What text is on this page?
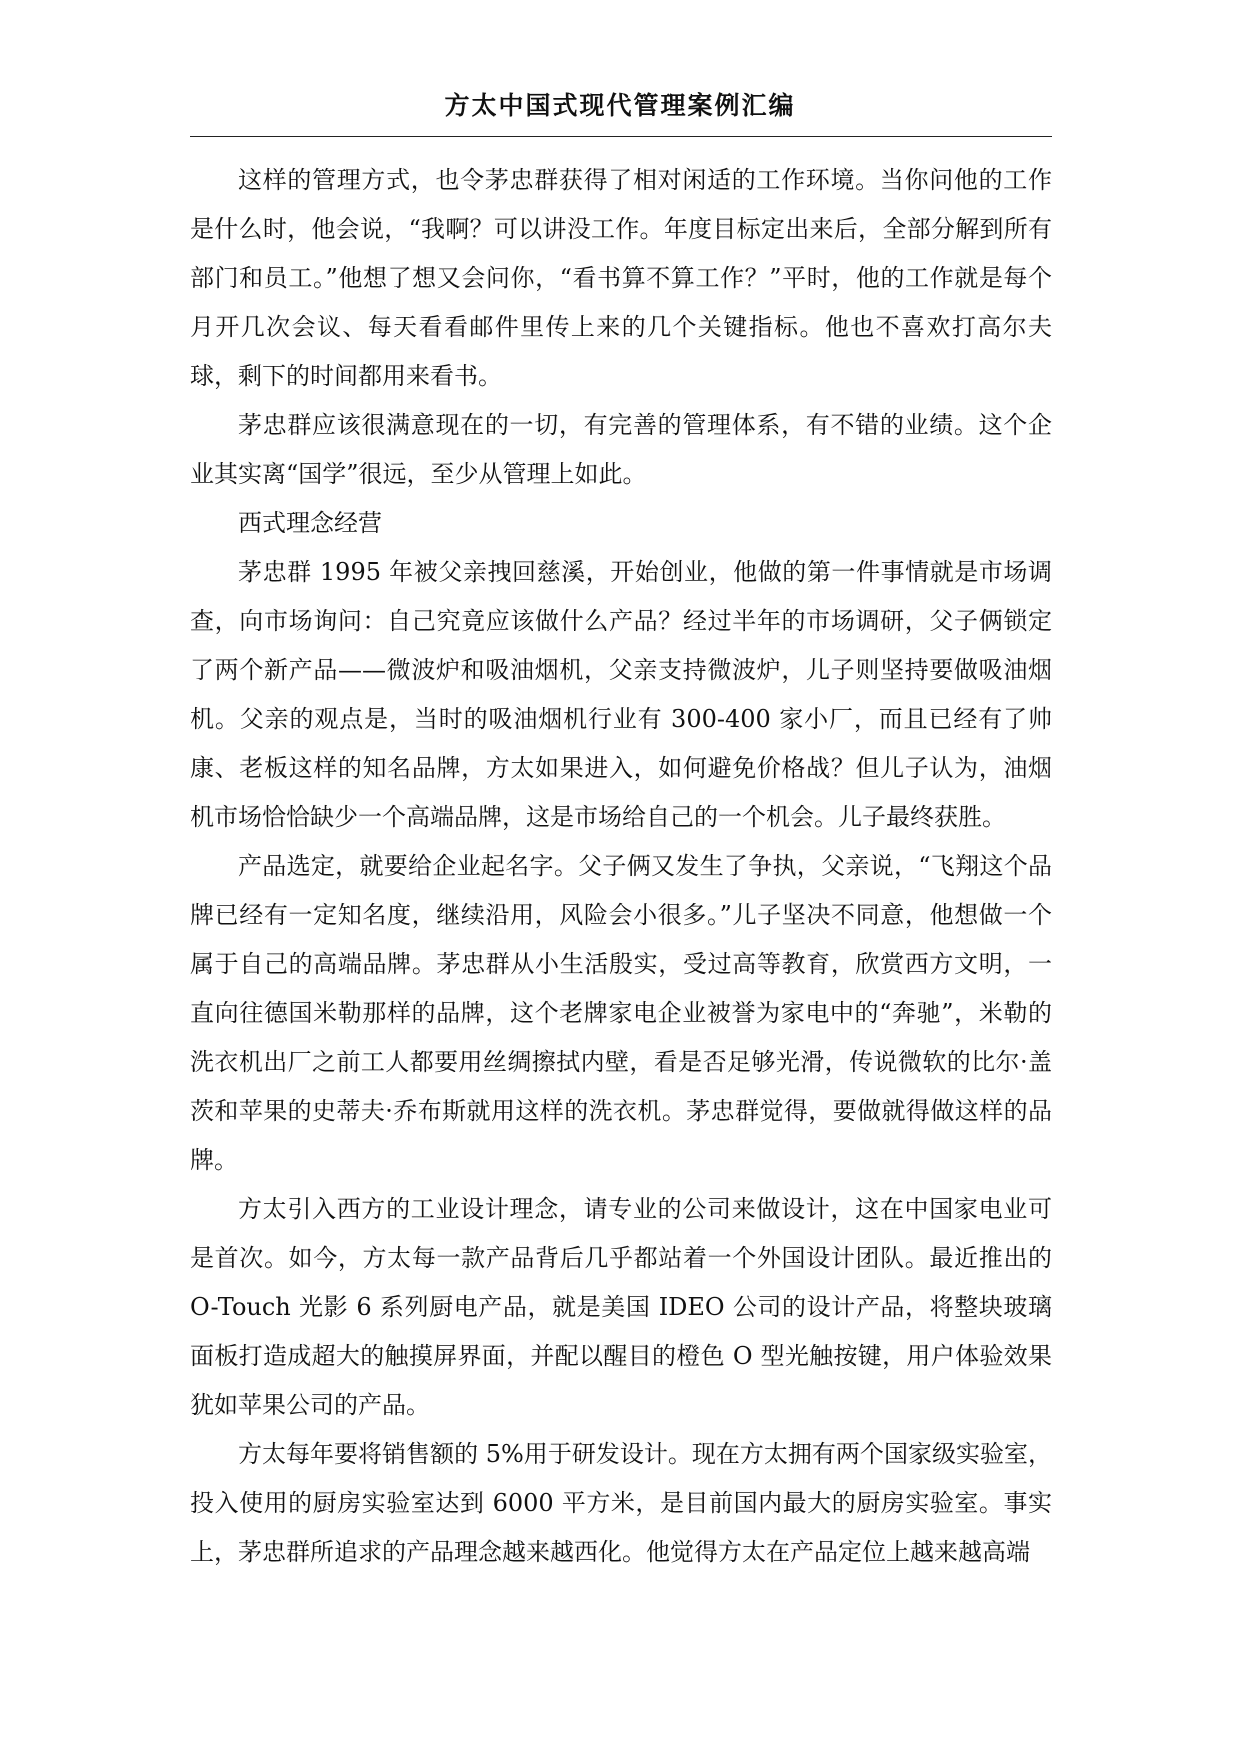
方太中国式现代管理案例汇编

这样的管理方式，也令茅忠群获得了相对闲适的工作环境。当你问他的工作是什么时，他会说，“我啊？可以讲没工作。年度目标定出来后，全部分解到所有部门和员工。”他想了想又会问你，“看书算不算工作？”平时，他的工作就是每个月开几次会议、每天看看邮件里传上来的几个关键指标。他也不喜欢打高尔夫球，剩下的时间都用来看书。

茅忠群应该很满意现在的一切，有完善的管理体系，有不错的业绩。这个企业其实离“国学”很远，至少从管理上如此。

西式理念经营

茅忠群 1995 年被父亲拽回慈溪，开始创业，他做的第一件事情就是市场调查，向市场询问：自己究竟应该做什么产品？经过半年的市场调研，父子俩锁定了两个新产品——微波炉和吸油烟机，父亲支持微波炉，儿子则坚持要做吸油烟机。父亲的观点是，当时的吸油烟机行业有 300-400 家小厂，而且已经有了帅康、老板这样的知名品牌，方太如果进入，如何避免价格战？但儿子认为，油烟机市场恰恰缺少一个高端品牌，这是市场给自己的一个机会。儿子最终获胜。

产品选定，就要给企业起名字。父子俩又发生了争执，父亲说，“飞翔这个品牌已经有一定知名度，继续沿用，风险会小很多。”儿子坚决不同意，他想做一个属于自己的高端品牌。茅忠群从小生活殷实，受过高等教育，欣赏西方文明，一直向往德国米勒那样的品牌，这个老牌家电企业被誉为家电中的“奔驰”，米勒的洗衣机出厂之前工人都要用丝绸擦拭内壁，看是否足够光滑，传说微软的比尔·盖茨和苹果的史蒂夫·乔布斯就用这样的洗衣机。茅忠群觉得，要做就得做这样的品牌。

方太引入西方的工业设计理念，请专业的公司来做设计，这在中国家电业可是首次。如今，方太每一款产品背后几乎都站着一个外国设计团队。最近推出的 O-Touch 光影 6 系列厨电产品，就是美国 IDEO 公司的设计产品，将整块玻璃面板打造成超大的触摸屏界面，并配以醒目的橙色 O 型光触按键，用户体验效果犹如苹果公司的产品。

方太每年要将销售额的 5%用于研发设计。现在方太拥有两个国家级实验室，投入使用的厨房实验室达到 6000 平方米，是目前国内最大的厨房实验室。事实上，茅忠群所追求的产品理念越来越西化。他觉得方太在产品定位上越来越高端
